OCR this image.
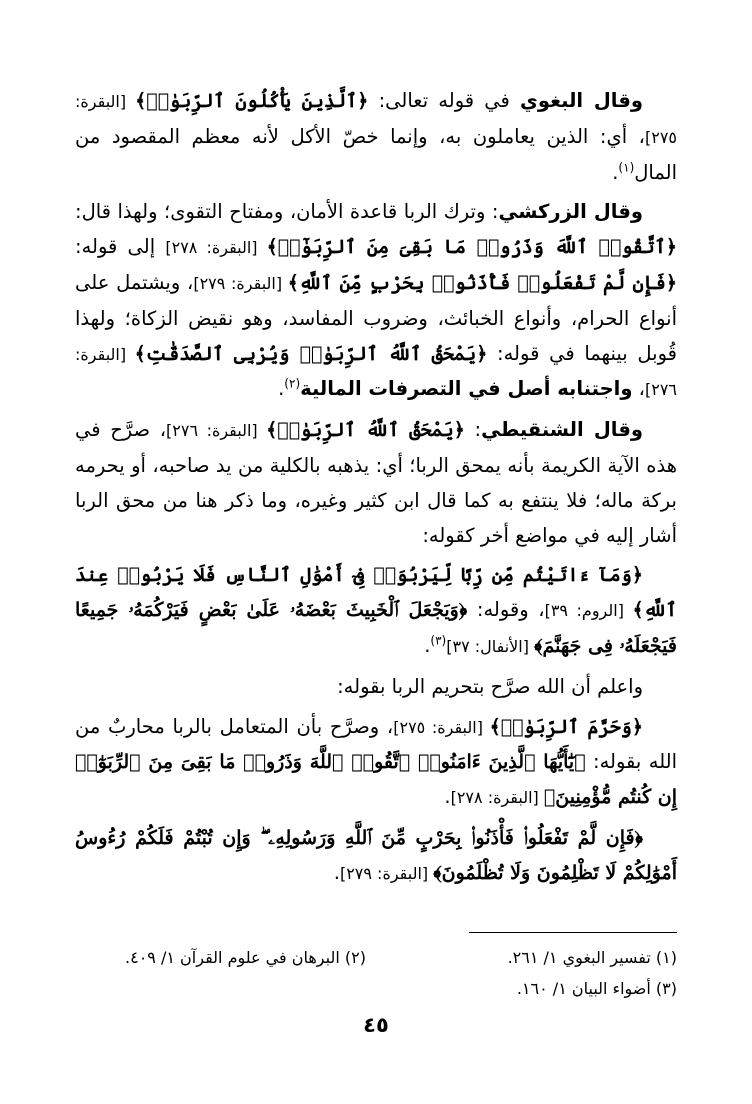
وقال البغوي في قوله تعالى: ﴿ٱلَّذِينَ يَأْكُلُونَ ٱلرِّبَوٰا۟﴾ [البقرة: ٢٧٥]، أي: الذين يعاملون به، وإنما خصّ الأكل لأنه معظم المقصود من المال$^{(١)}$.

وقال الزركشي: وترك الربا قاعدة الأمان، ومفتاح التقوى؛ ولهذا قال: ﴿ٱتَّقُوا۟ ٱللَّهَ وَذَرُوا۟ مَا بَقِىَ مِنَ ٱلرِّبَوٰٓا۟﴾ [البقرة: ٢٧٨] إلى قوله: ﴿فَإِن لَّمْ تَفْعَلُوا۟ فَأْذَنُوا۟ بِحَرْبٍ مِّنَ ٱللَّهِ﴾ [البقرة: ٢٧٩]، ويشتمل على أنواع الحرام، وأنواع الخبائث، وضروب المفاسد، وهو نقيض الزكاة؛ ولهذا قُوبل بينهما في قوله: ﴿يَمْحَقُ ٱللَّهُ ٱلرِّبَوٰا۟ وَيُرْبِى ٱلصَّدَقَٰتِ﴾ [البقرة: ٢٧٦]، واجتنابه أصل في التصرفات المالية$^{(٢)}$.

وقال الشنقيطي: ﴿يَمْحَقُ ٱللَّهُ ٱلرِّبَوٰا۟﴾ [البقرة: ٢٧٦]، صرَّح في هذه الآية الكريمة بأنه يمحق الربا؛ أي: يذهبه بالكلية من يد صاحبه، أو يحرمه بركة ماله؛ فلا ينتفع به كما قال ابن كثير وغيره، وما ذكر هنا من محق الربا أشار إليه في مواضع أخر كقوله:

﴿وَمَآ ءَاتَيْتُم مِّن رِّبًا لِّيَرْبُوَا۟ فِىٓ أَمْوَٰلِ ٱلنَّاسِ فَلَا يَرْبُوا۟ عِندَ ٱللَّهِ﴾ [الروم: ٣٩]، وقوله: ﴿وَيَجْعَلَ ٱلْخَبِيثَ بَعْضَهُۥ عَلَىٰ بَعْضٍ فَيَرْكُمَهُۥ جَمِيعًا فَيَجْعَلَهُۥ فِى جَهَنَّمَ﴾ [الأنفال: ٣٧]$^{(٣)}$.

واعلم أن الله صرَّح بتحريم الربا بقوله:

﴿وَحَرَّمَ ٱلرِّبَوٰا۟﴾ [البقرة: ٢٧٥]، وصرَّح بأن المتعامل بالربا محاربٌ من الله بقوله: ﴿يَٰٓأَيُّهَا ٱلَّذِينَ ءَامَنُوا۟ ٱتَّقُوا۟ ٱللَّهَ وَذَرُوا۟ مَا بَقِىَ مِنَ ٱلرِّبَوٰٓا۟ إِن كُنتُم مُّؤْمِنِينَ﴾ [البقرة: ٢٧٨].

﴿فَإِن لَّمْ تَفْعَلُوا۟ فَأْذَنُوا۟ بِحَرْبٍ مِّنَ ٱللَّهِ وَرَسُولِهِۦ ۖ وَإِن تُبْتُمْ فَلَكُمْ رُءُوسُ أَمْوَٰلِكُمْ لَا تَظْلِمُونَ وَلَا تُظْلَمُونَ﴾ [البقرة: ٢٧٩].

(١) تفسير البغوي ١/ ٢٦١.
(٢) البرهان في علوم القرآن ١/ ٤٠٩.
(٣) أضواء البيان ١/ ١٦٠.
٤٥
